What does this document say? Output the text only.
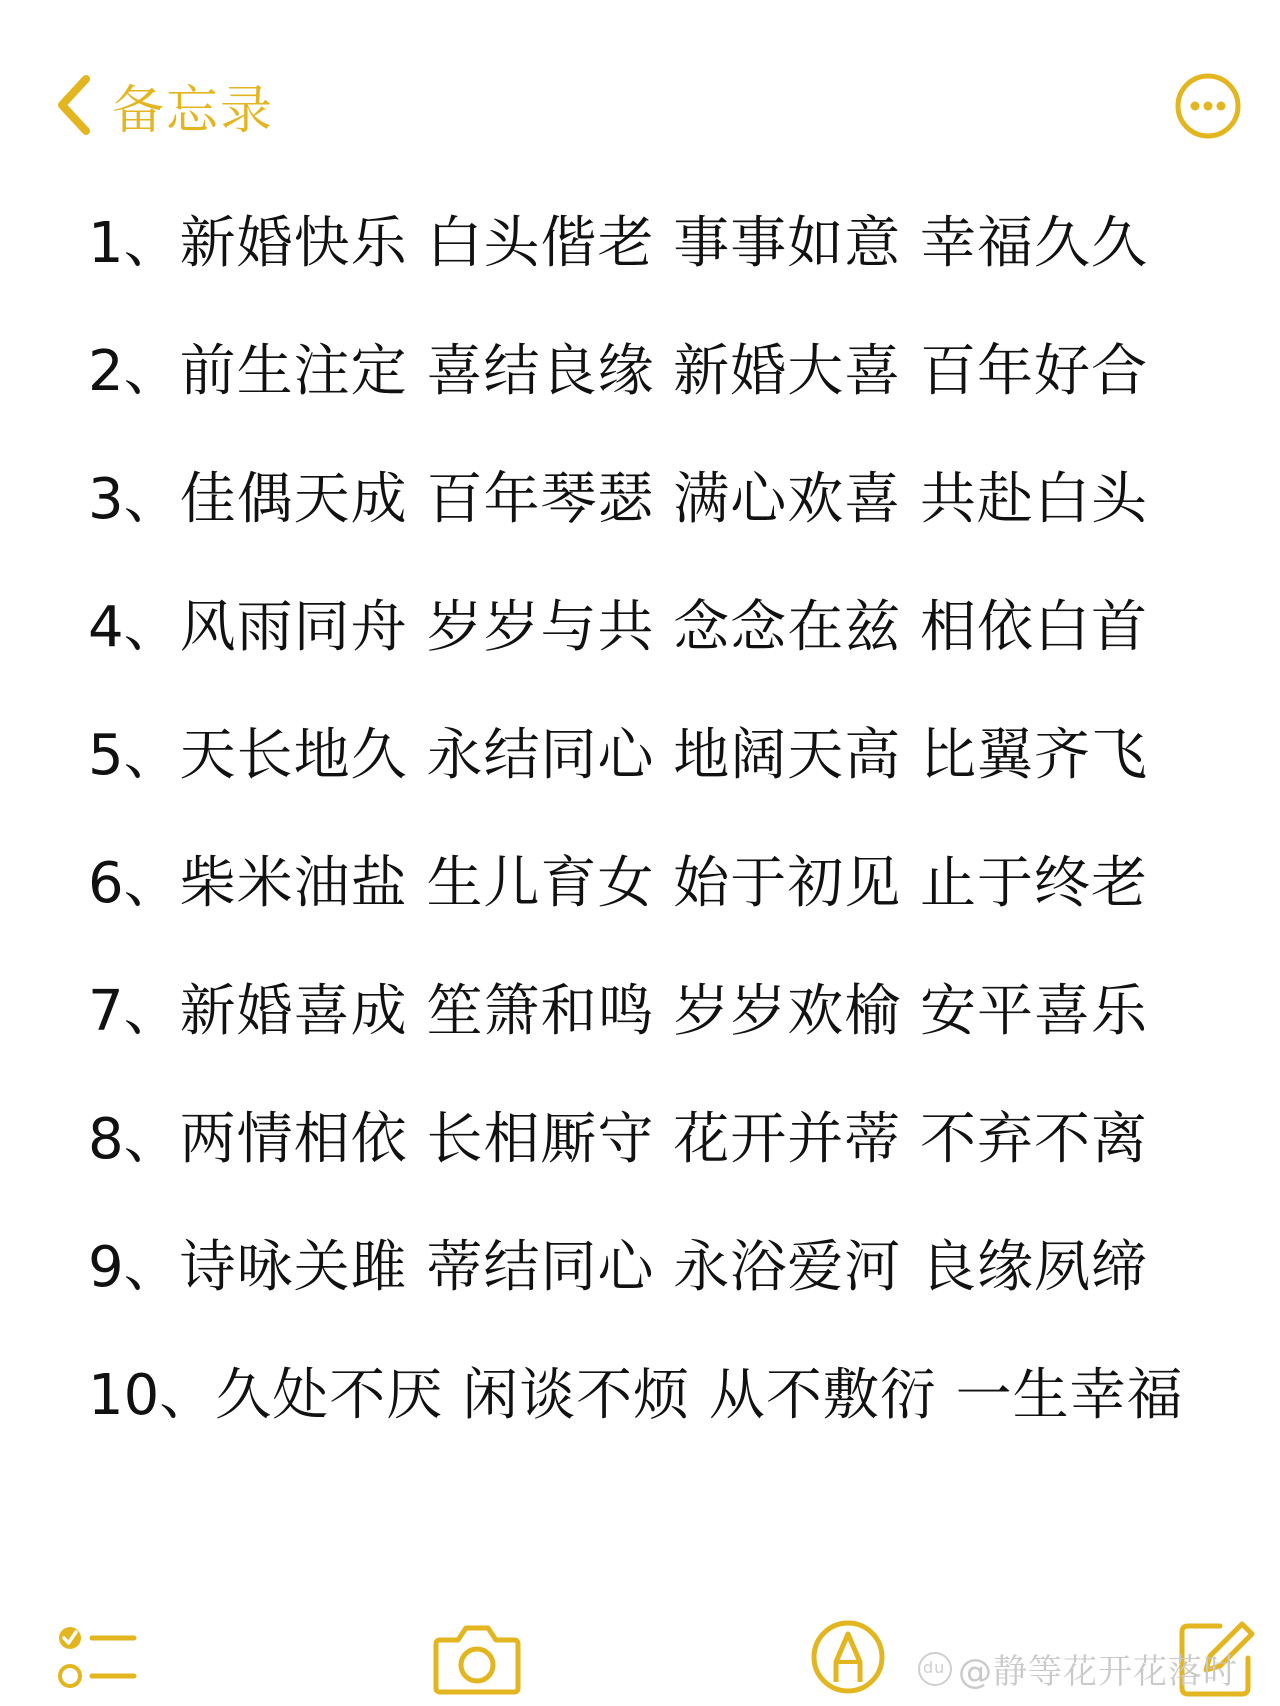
备忘录
1、新婚快乐 白头偕老 事事如意 幸福久久
2、前生注定 喜结良缘 新婚大喜 百年好合
3、佳偶天成 百年琴瑟 满心欢喜 共赴白头
4、风雨同舟 岁岁与共 念念在兹 相依白首
5、天长地久 永结同心 地阔天高 比翼齐飞
6、柴米油盐 生儿育女 始于初见 止于终老
7、新婚喜成 笙箫和鸣 岁岁欢榆 安平喜乐
8、两情相依 长相厮守 花开并蒂 不弃不离
9、诗咏关雎 蒂结同心 永浴爱河 良缘夙缔
10、久处不厌 闲谈不烦 从不敷衍 一生幸福
du
@静等花开花落时
